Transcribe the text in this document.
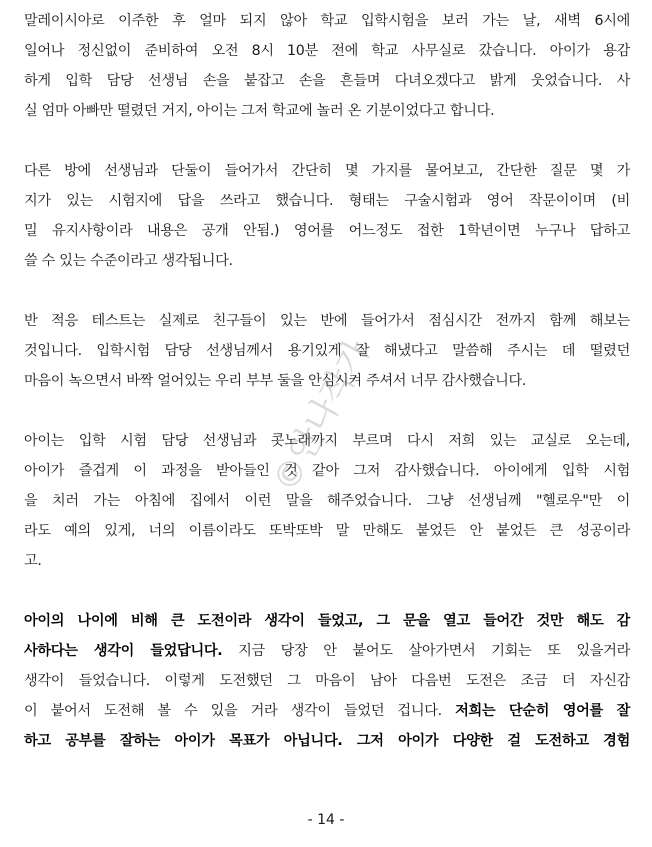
말레이시아로 이주한 후 얼마 되지 않아 학교 입학시험을 보러 가는 날, 새벽 6시에
일어나 정신없이 준비하여 오전 8시 10분 전에 학교 사무실로 갔습니다. 아이가 용감
하게 입학 담당 선생님 손을 붙잡고 손을 흔들며 다녀오겠다고 밝게 웃었습니다. 사
실 엄마 아빠만 떨렸던 거지, 아이는 그저 학교에 놀러 온 기분이었다고 합니다.
다른 방에 선생님과 단둘이 들어가서 간단히 몇 가지를 물어보고, 간단한 질문 몇 가
지가 있는 시험지에 답을 쓰라고 했습니다. 형태는 구술시험과 영어 작문이이며 (비
밀 유지사항이라 내용은 공개 안됨.) 영어를 어느정도 접한 1학년이면 누구나 답하고
쓸 수 있는 수준이라고 생각됩니다.
반 적응 테스트는 실제로 친구들이 있는 반에 들어가서 점심시간 전까지 함께 해보는
것입니다. 입학시험 담당 선생님께서 용기있게 잘 해냈다고 말씀해 주시는 데 떨렸던
마음이 녹으면서 바짝 얼어있는 우리 부부 둘을 안심시켜 주셔서 너무 감사했습니다.
아이는 입학 시험 담당 선생님과 콧노래까지 부르며 다시 저희 있는 교실로 오는데,
아이가 즐겁게 이 과정을 받아들인 것 같아 그저 감사했습니다. 아이에게 입학 시험
을 치러 가는 아침에 집에서 이런 말을 해주었습니다. 그냥 선생님께 "헬로우"만 이
라도 예의 있게, 너의 이름이라도 또박또박 말 만해도 붙었든 안 붙었든 큰 성공이라
고.
아이의 나이에 비해 큰 도전이라 생각이 들었고, 그 문을 열고 들어간 것만 해도 감
사하다는 생각이 들었답니다. 지금 당장 안 붙어도 살아가면서 기회는 또 있을거라
생각이 들었습니다. 이렇게 도전했던 그 마음이 남아 다음번 도전은 조금 더 자신감
이 붙어서 도전해 볼 수 있을 거라 생각이 들었던 겁니다. 저희는 단순히 영어를 잘
하고 공부를 잘하는 아이가 목표가 아닙니다. 그저 아이가 다양한 걸 도전하고 경험
©안나작가
- 14 -
